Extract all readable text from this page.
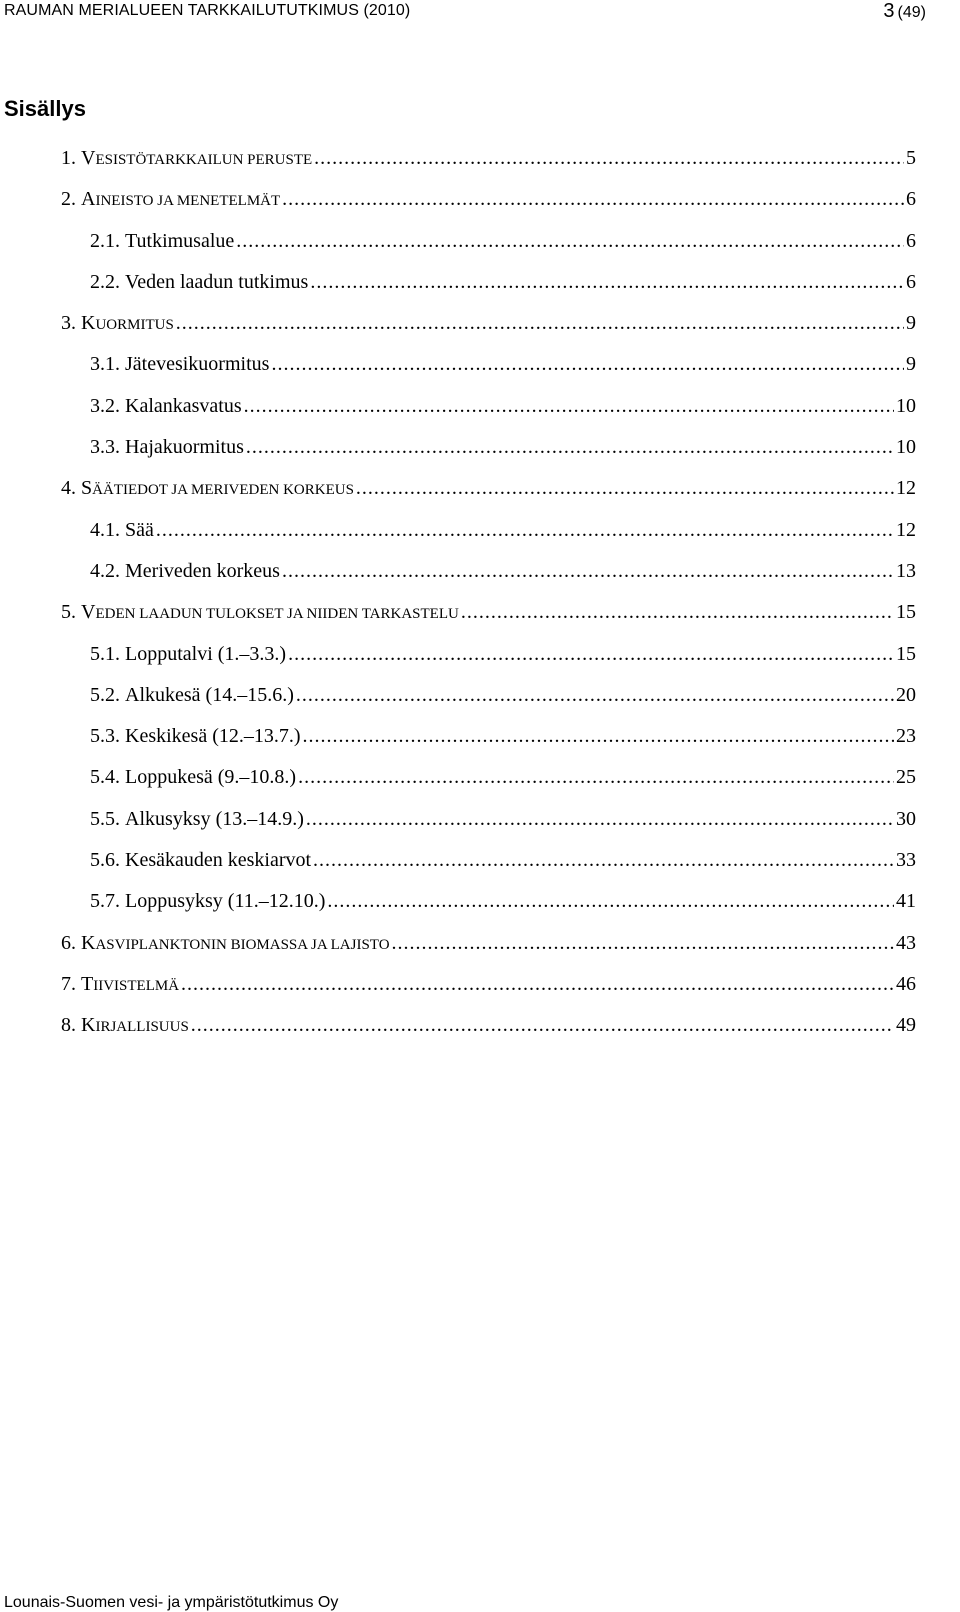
RAUMAN MERIALUEEN TARKKAILUTUTKIMUS (2010)	3 (49)
Sisällys
1. VESISTÖTARKKAILUN PERUSTE .....	5
2. AINEISTO JA MENETELMÄT .....	6
2.1. Tutkimusalue .....	6
2.2. Veden laadun tutkimus .....	6
3. KUORMITUS .....	9
3.1. Jätevesikuormitus .....	9
3.2. Kalankasvatus .....	10
3.3. Hajakuormitus .....	10
4. SÄÄTIEDOT JA MERIVEDEN KORKEUS .....	12
4.1. Sää .....	12
4.2. Meriveden korkeus .....	13
5. VEDEN LAADUN TULOKSET JA NIIDEN TARKASTELU .....	15
5.1. Lopputalvi (1.–3.3.) .....	15
5.2. Alkukesä (14.–15.6.) .....	20
5.3. Keskikesä (12.–13.7.) .....	23
5.4. Loppukesä (9.–10.8.) .....	25
5.5. Alkusyksy (13.–14.9.) .....	30
5.6. Kesäkauden keskiarvot .....	33
5.7. Loppusyksy (11.–12.10.) .....	41
6. KASVIPLANKTONIN BIOMASSA JA LAJISTO .....	43
7. TIIVISTELMÄ .....	46
8. KIRJALLISUUS .....	49
Lounais-Suomen vesi- ja ympäristötutkimus Oy
